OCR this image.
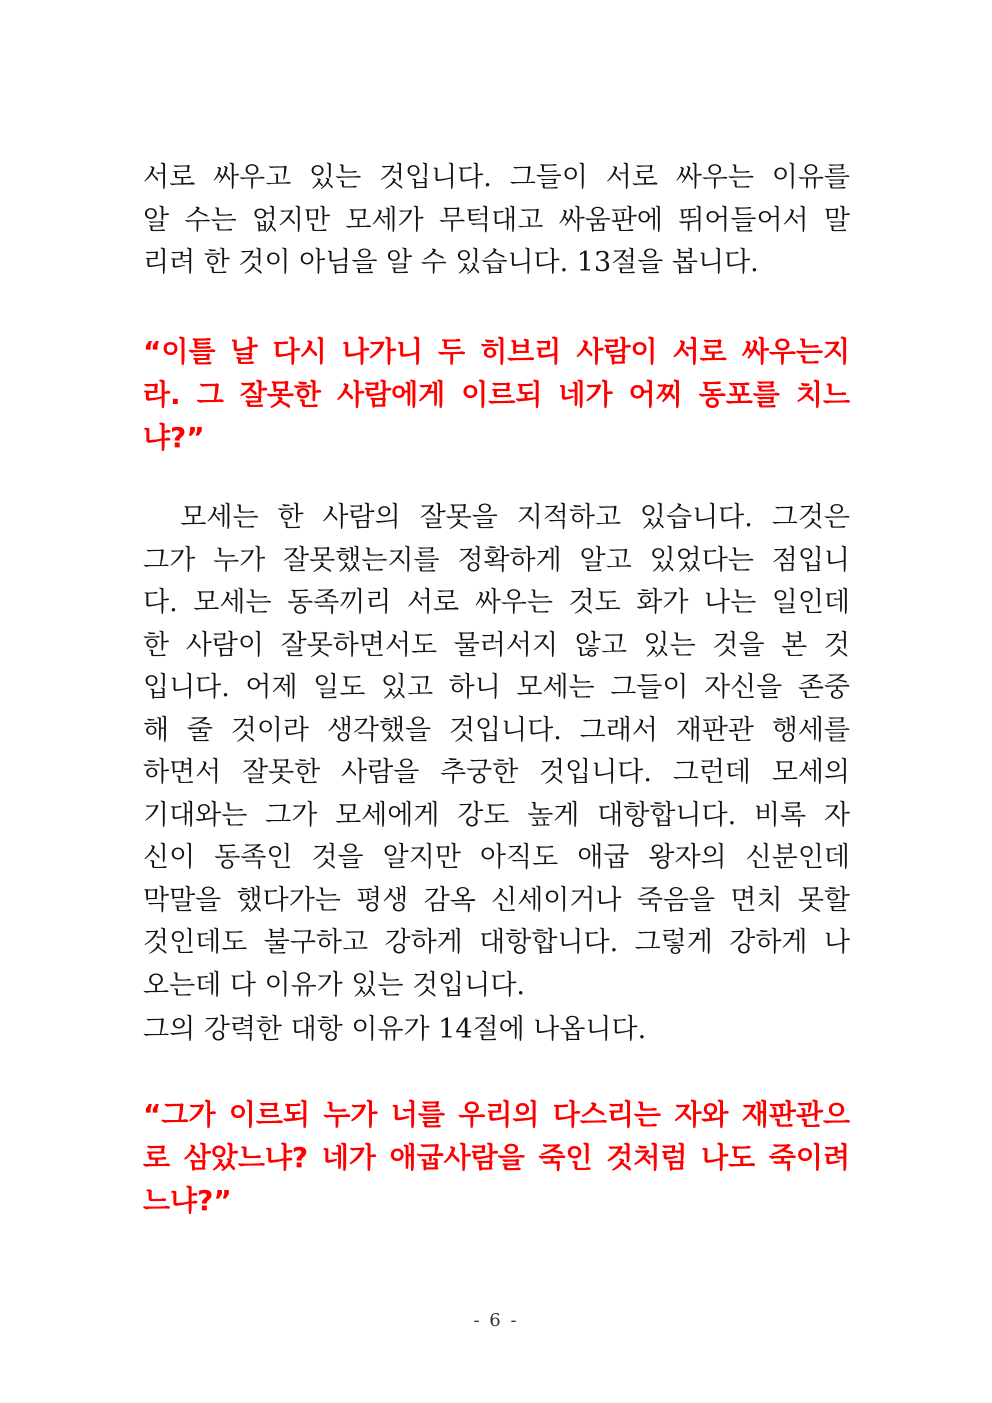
서로 싸우고 있는 것입니다. 그들이 서로 싸우는 이유를
알 수는 없지만 모세가 무턱대고 싸움판에 뛰어들어서 말
리려 한 것이 아님을 알 수 있습니다. 13절을 봅니다.
“이틀 날 다시 나가니 두 히브리 사람이 서로 싸우는지
라. 그 잘못한 사람에게 이르되 네가 어찌 동포를 치느
냐?”
　모세는 한 사람의 잘못을 지적하고 있습니다. 그것은
그가 누가 잘못했는지를 정확하게 알고 있었다는 점입니
다. 모세는 동족끼리 서로 싸우는 것도 화가 나는 일인데
한 사람이 잘못하면서도 물러서지 않고 있는 것을 본 것
입니다. 어제 일도 있고 하니 모세는 그들이 자신을 존중
해 줄 것이라 생각했을 것입니다. 그래서 재판관 행세를
하면서 잘못한 사람을 추궁한 것입니다. 그런데 모세의
기대와는 그가 모세에게 강도 높게 대항합니다. 비록 자
신이 동족인 것을 알지만 아직도 애굽 왕자의 신분인데
막말을 했다가는 평생 감옥 신세이거나 죽음을 면치 못할
것인데도 불구하고 강하게 대항합니다. 그렇게 강하게 나
오는데 다 이유가 있는 것입니다.
그의 강력한 대항 이유가 14절에 나옵니다.
“그가 이르되 누가 너를 우리의 다스리는 자와 재판관으
로 삼았느냐? 네가 애굽사람을 죽인 것처럼 나도 죽이려
느냐?”
- 6 -
